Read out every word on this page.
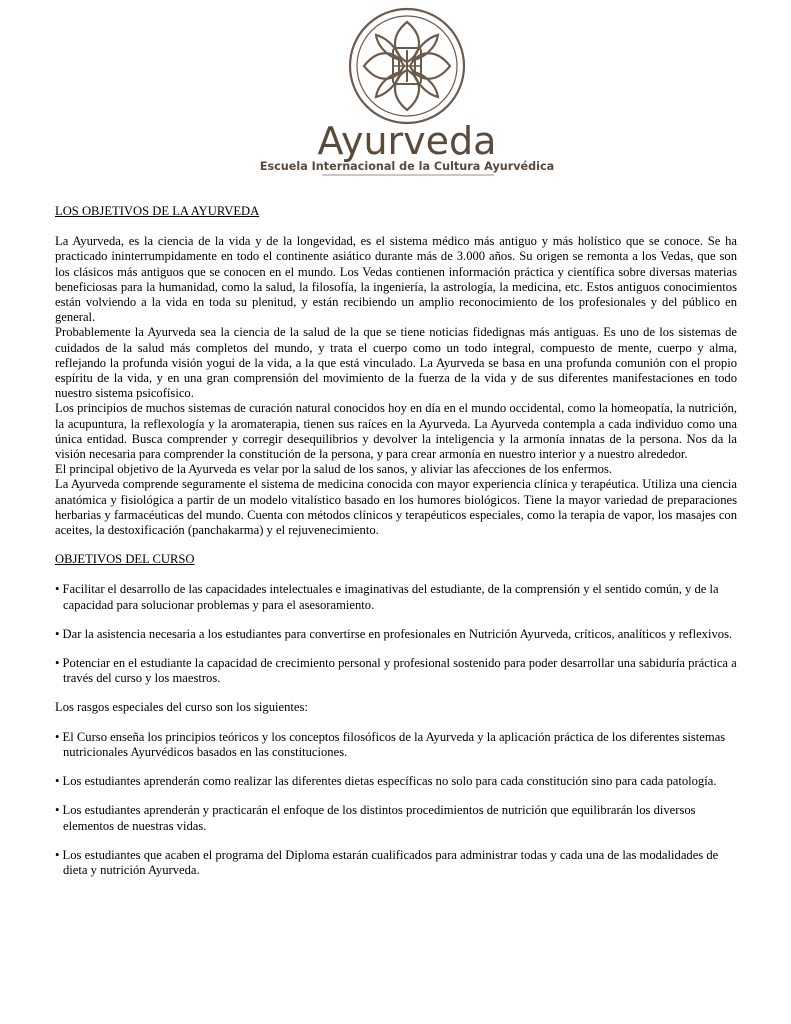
Ayurveda
Escuela Internacional de la Cultura Ayurvédica
LOS OBJETIVOS DE LA AYURVEDA

La Ayurveda, es la ciencia de la vida y de la longevidad, es el sistema médico más antiguo y más holístico que se conoce. Se ha practicado ininterrumpidamente en todo el continente asiático durante más de 3.000 años. Su origen se remonta a los Vedas, que son los clásicos más antiguos que se conocen en el mundo. Los Vedas contienen información práctica y científica sobre diversas materias beneficiosas para la humanidad, como la salud, la filosofía, la ingeniería, la astrología, la medicina, etc. Estos antiguos conocimientos están volviendo a la vida en toda su plenitud, y están recibiendo un amplio reconocimiento de los profesionales y del público en general.

Probablemente la Ayurveda sea la ciencia de la salud de la que se tiene noticias fidedignas más antiguas. Es uno de los sistemas de cuidados de la salud más completos del mundo, y trata el cuerpo como un todo integral, compuesto de mente, cuerpo y alma, reflejando la profunda visión yogui de la vida, a la que está vinculado. La Ayurveda se basa en una profunda comunión con el propio espíritu de la vida, y en una gran comprensión del movimiento de la fuerza de la vida y de sus diferentes manifestaciones en todo nuestro sistema psicofísico.

Los principios de muchos sistemas de curación natural conocidos hoy en día en el mundo occidental, como la homeopatía, la nutrición, la acupuntura, la reflexología y la aromaterapia, tienen sus raíces en la Ayurveda. La Ayurveda contempla a cada individuo como una única entidad. Busca comprender y corregir desequilibrios y devolver la inteligencia y la armonía innatas de la persona. Nos da la visión necesaria para comprender la constitución de la persona, y para crear armonía en nuestro interior y a nuestro alrededor.

El principal objetivo de la Ayurveda es velar por la salud de los sanos, y aliviar las afecciones de los enfermos.

La Ayurveda comprende seguramente el sistema de medicina conocida con mayor experiencia clínica y terapéutica. Utiliza una ciencia anatómica y fisiológica a partir de un modelo vitalístico basado en los humores biológicos. Tiene la mayor variedad de preparaciones herbarias y farmacéuticas del mundo. Cuenta con métodos clínicos y terapéuticos especiales, como la terapia de vapor, los masajes con aceites, la destoxificación (panchakarma) y el rejuvenecimiento.

OBJETIVOS DEL CURSO

• Facilitar el desarrollo de las capacidades intelectuales e imaginativas del estudiante, de la comprensión y el sentido común, y de la capacidad para solucionar problemas y para el asesoramiento.

• Dar la asistencia necesaria a los estudiantes para convertirse en profesionales en Nutrición Ayurveda, críticos, analíticos y reflexivos.

• Potenciar en el estudiante la capacidad de crecimiento personal y profesional sostenido para poder desarrollar una sabiduría práctica a través del curso y los maestros.

Los rasgos especiales del curso son los siguientes:

• El Curso enseña los principios teóricos y los conceptos filosóficos de la Ayurveda y la aplicación práctica de los diferentes sistemas nutricionales Ayurvédicos basados en las constituciones.

• Los estudiantes aprenderán como realizar las diferentes dietas específicas no solo para cada constitución sino para cada patología.

• Los estudiantes aprenderán y practicarán el enfoque de los distintos procedimientos de nutrición que equilibrarán los diversos elementos de nuestras vidas.

• Los estudiantes que acaben el programa del Diploma estarán cualificados para administrar todas y cada una de las modalidades de dieta y nutrición Ayurveda.
